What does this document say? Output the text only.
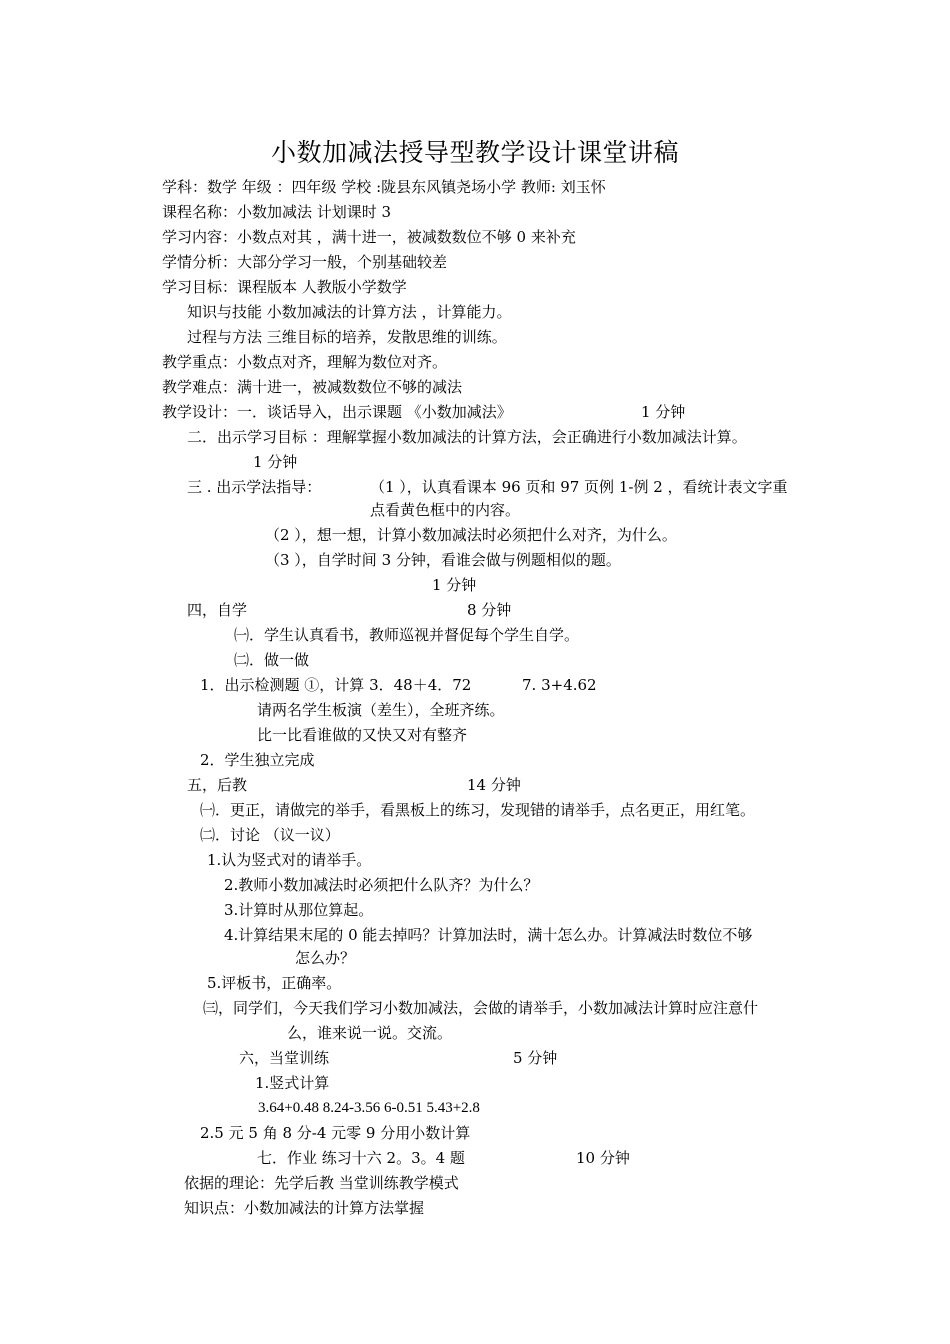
小数加减法授导型教学设计课堂讲稿
学科：数学 年级 ：四年级 学校 :陇县东风镇尧场小学 教师: 刘玉怀
课程名称：小数加减法 计划课时 3
学习内容：小数点对其 ，满十进一，被减数数位不够 0 来补充
学情分析：大部分学习一般，个别基础较差
学习目标：课程版本 人教版小学数学
知识与技能 小数加减法的计算方法 ，计算能力。
过程与方法 三维目标的培养，发散思维的训练。
教学重点：小数点对齐，理解为数位对齐。
教学难点：满十进一，被减数数位不够的减法
教学设计：一．谈话导入，出示课题 《小数加减法》	1 分钟
二．出示学习目标 ：理解掌握小数加减法的计算方法，会正确进行小数加减法计算。
1 分钟
三 . 出示学法指导：	（1 ），认真看课本 96 页和 97 页例 1-例 2 ，看统计表文字重
点看黄色框中的内容。
（2 ），想一想，计算小数加减法时必须把什么对齐，为什么。
（3 ），自学时间 3 分钟，看谁会做与例题相似的题。
1 分钟
四，自学	8 分钟
㈠．学生认真看书，教师巡视并督促每个学生自学。
㈡．做一做
1．出示检测题 ①，计算 3．48＋4．72	7. 3+4.62
请两名学生板演（差生），全班齐练。
比一比看谁做的又快又对有整齐
2．学生独立完成
五，后教	14 分钟
㈠．更正，请做完的举手，看黑板上的练习，发现错的请举手，点名更正，用红笔。
㈡．讨论 （议一议）
1.认为竖式对的请举手。
2.教师小数加减法时必须把什么队齐？为什么？
3.计算时从那位算起。
4.计算结果末尾的 0 能去掉吗？计算加法时，满十怎么办。计算减法时数位不够
怎么办？
5.评板书，正确率。
㈢，同学们，今天我们学习小数加减法，会做的请举手，小数加减法计算时应注意什
么，谁来说一说。交流。
六，当堂训练	5 分钟
1.竖式计算
3.64+0.48 8.24-3.56 6-0.51 5.43+2.8
2.5 元 5 角 8 分-4 元零 9 分用小数计算
七．作业 练习十六 2。3。4 题	10 分钟
依据的理论：先学后教 当堂训练教学模式
知识点：小数加减法的计算方法掌握
